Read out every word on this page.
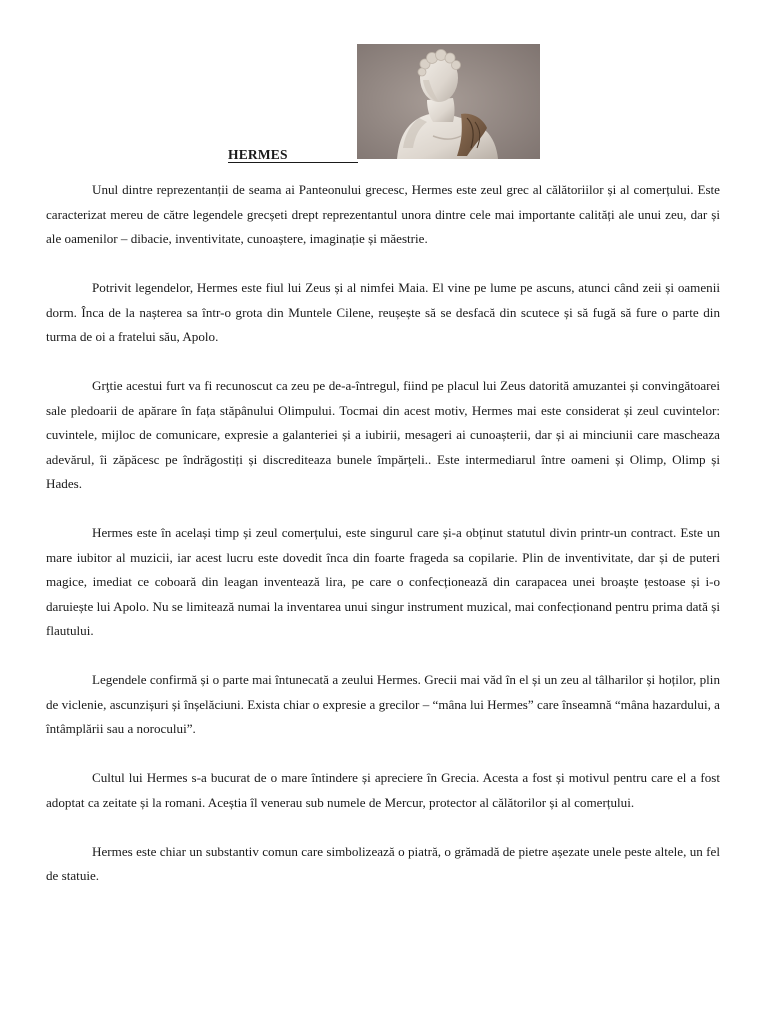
HERMES

Unul dintre reprezentanții de seama ai Panteonului grecesc, Hermes este zeul grec al călătoriilor și al comerțului. Este caracterizat mereu de către legendele grecșeti drept reprezentantul unora dintre cele mai importante calități ale unui zeu, dar și ale oamenilor – dibacie, inventivitate, cunoaștere, imaginație și măestrie.

Potrivit legendelor, Hermes este fiul lui Zeus și al nimfei Maia. El vine pe lume pe ascuns, atunci când zeii și oamenii dorm. Înca de la nașterea sa într-o grota din Muntele Cilene, reușește să se desfacă din scutece și să fugă să fure o parte din turma de oi a fratelui său, Apolo.

Grţtie acestui furt va fi recunoscut ca zeu pe de-a-întregul, fiind pe placul lui Zeus datorită amuzantei și convingătoarei sale pledoarii de apărare în fața stăpânului Olimpului. Tocmai din acest motiv, Hermes mai este considerat și zeul cuvintelor: cuvintele, mijloc de comunicare, expresie a galanteriei și a iubirii, mesageri ai cunoașterii, dar și ai minciunii care mascheaza adevărul, îi zăpăcesc pe îndrăgostiți și discrediteaza bunele împărțeli.. Este intermediarul între oameni și Olimp, Olimp și Hades.

Hermes este în același timp și zeul comerțului, este singurul care și-a obținut statutul divin printr-un contract. Este un mare iubitor al muzicii, iar acest lucru este dovedit înca din foarte frageda sa copilarie. Plin de inventivitate, dar și de puteri magice, imediat ce coboară din leagan inventează lira, pe care o confecționează din carapacea unei broaște țestoase și i-o daruiește lui Apolo. Nu se limitează numai la inventarea unui singur instrument muzical, mai confecționand pentru prima dată și flautului.

Legendele confirmă și o parte mai întunecată a zeului Hermes. Grecii mai văd în el și un zeu al tâlharilor și hoților, plin de viclenie, ascunzișuri și înșelăciuni. Exista chiar o expresie a grecilor – “mâna lui Hermes” care înseamnă “mâna hazardului, a întâmplării sau a norocului”.

Cultul lui Hermes s-a bucurat de o mare întindere și apreciere în Grecia. Acesta a fost și motivul pentru care el a fost adoptat ca zeitate și la romani. Aceștia îl venerau sub numele de Mercur, protector al călătorilor și al comerțului.

Hermes este chiar un substantiv comun care simbolizează o piatră, o grămadă de pietre așezate unele peste altele, un fel de statuie.
